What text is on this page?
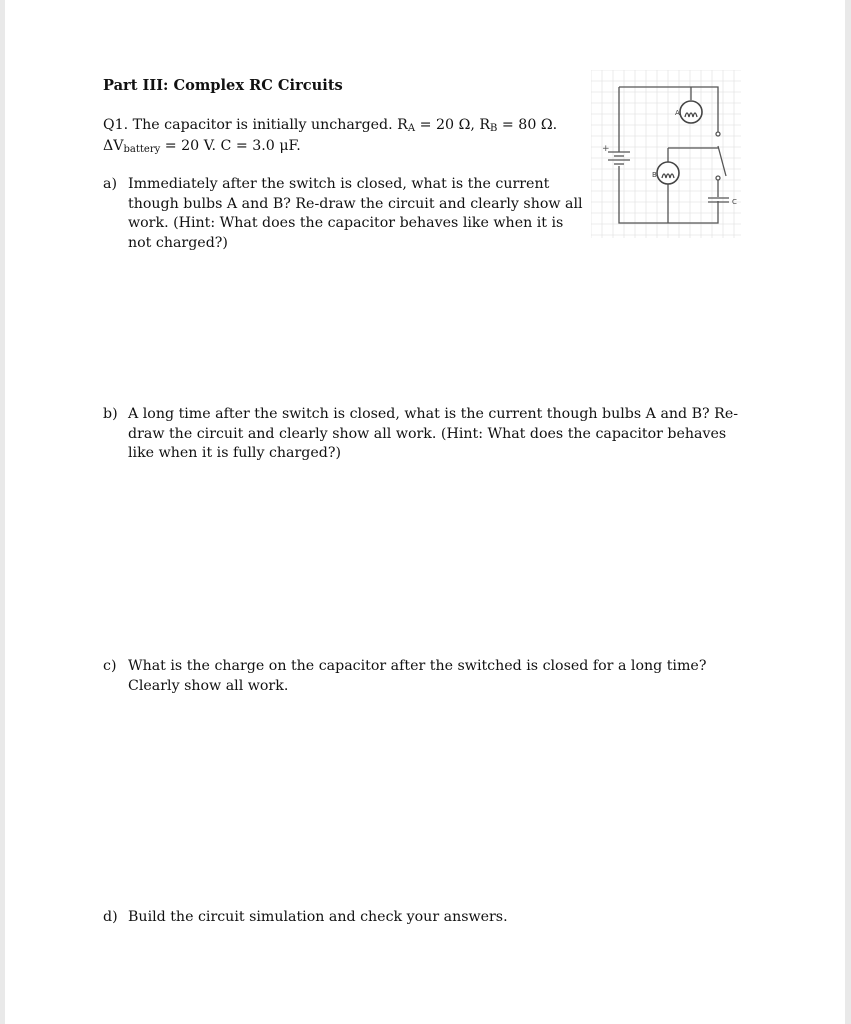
Part III: Complex RC Circuits
Q1. The capacitor is initially uncharged. RA = 20 Ω, RB = 80 Ω.
ΔVbattery = 20 V. C = 3.0 μF.
a) Immediately after the switch is closed, what is the current though bulbs A and B? Re-draw the circuit and clearly show all work. (Hint: What does the capacitor behaves like when it is not charged?)
b) A long time after the switch is closed, what is the current though bulbs A and B? Re-draw the circuit and clearly show all work. (Hint: What does the capacitor behaves like when it is fully charged?)
c) What is the charge on the capacitor after the switched is closed for a long time? Clearly show all work.
d) Build the circuit simulation and check your answers.
+
A
B
C
